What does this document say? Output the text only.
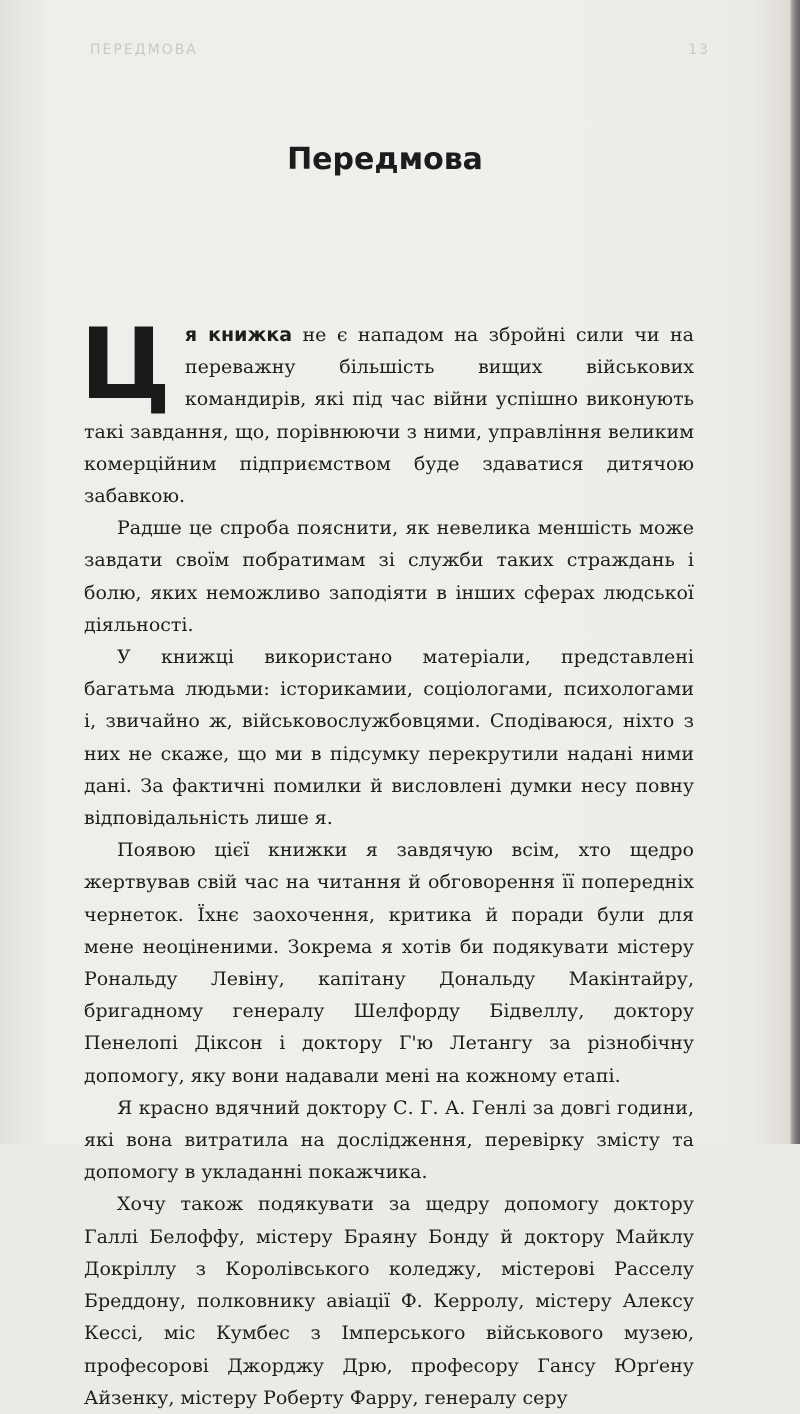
ПЕРЕДМОВА	13
Передмова

Ця книжка не є нападом на збройні сили чи на переважну більшість вищих військових командирів, які під час війни успішно виконують такі завдання, що, порівнюючи з ними, управління великим комерційним підприємством буде здаватися дитячою забавкою.

Радше це спроба пояснити, як невелика меншість може завдати своїм побратимам зі служби таких страждань і болю, яких неможливо заподіяти в інших сферах людської діяльності.

У книжці використано матеріали, представлені багатьма людьми: історикамии, соціологами, психологами і, звичайно ж, військовослужбовцями. Сподіваюся, ніхто з них не скаже, що ми в підсумку перекрутили надані ними дані. За фактичні помилки й висловлені думки несу повну відповідальність лише я.

Появою цієї книжки я завдячую всім, хто щедро жертвував свій час на читання й обговорення її попередніх чернеток. Їхнє заохочення, критика й поради були для мене неоціненими. Зокрема я хотів би подякувати містеру Рональду Левіну, капітану Дональду Макінтайру, бригадному генералу Шелфорду Бідвеллу, доктору Пенелопі Діксон і доктору Г'ю Летангу за різнобічну допомогу, яку вони надавали мені на кожному етапі.

Я красно вдячний доктору С. Г. А. Генлі за довгі години, які вона витратила на дослідження, перевірку змісту та допомогу в укладанні покажчика.

Хочу також подякувати за щедру допомогу доктору Галлі Белоффу, містеру Браяну Бонду й доктору Майклу Докріллу з Королівського коледжу, містерові Расселу Бреддону, полковнику авіації Ф. Керролу, містеру Алексу Кессі, міс Кумбес з Імперського військового музею, професорові Джорджу Дрю, професору Гансу Юрґену Айзенку, містеру Роберту Фарру, генералу серу
